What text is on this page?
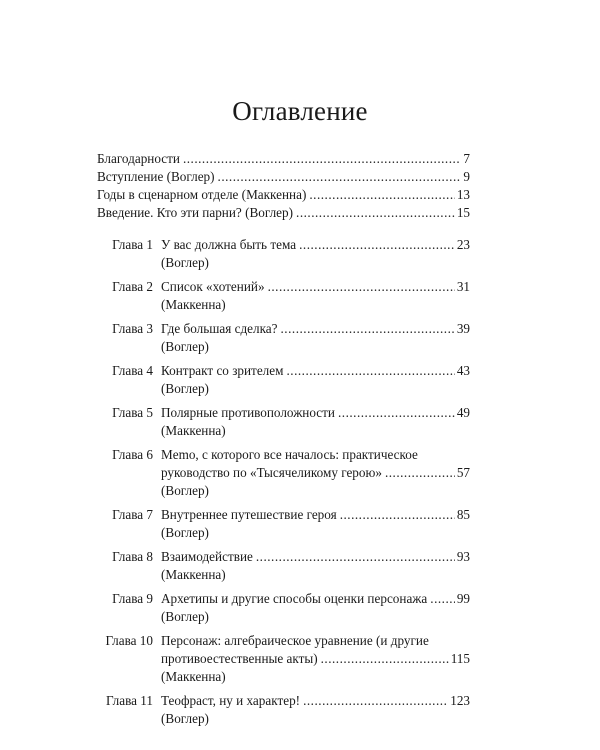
Оглавление
Благодарности .....	7
Вступление (Воглер) .....	9
Годы в сценарном отделе (Маккенна) .....	13
Введение. Кто эти парни? (Воглер) .....	15
Глава 1 У вас должна быть тема .....	23
(Воглер)
Глава 2 Список «хотений» .....	31
(Маккенна)
Глава 3 Где большая сделка? .....	39
(Воглер)
Глава 4 Контракт со зрителем .....	43
(Воглер)
Глава 5 Полярные противоположности .....	49
(Маккенна)
Глава 6 Memo, с которого все началось: практическое
руководство по «Тысячеликому герою» .....	57
(Воглер)
Глава 7 Внутреннее путешествие героя .....	85
(Воглер)
Глава 8 Взаимодействие .....	93
(Маккенна)
Глава 9 Архетипы и другие способы оценки персонажа ..... 99
(Воглер)
Глава 10 Персонаж: алгебраическое уравнение (и другие
противоестественные акты) .....	115
(Маккенна)
Глава 11 Теофраст, ну и характер! .....	123
(Воглер)
